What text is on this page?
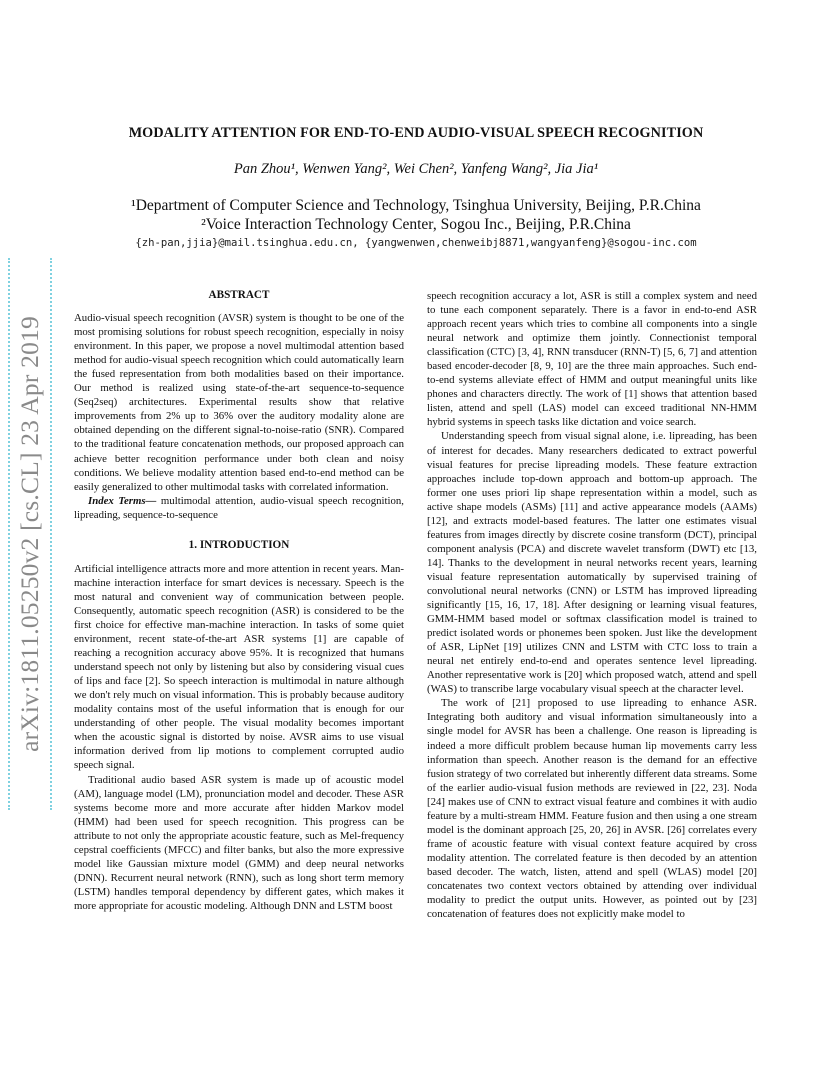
arXiv:1811.05250v2 [cs.CL] 23 Apr 2019
MODALITY ATTENTION FOR END-TO-END AUDIO-VISUAL SPEECH RECOGNITION
Pan Zhou¹, Wenwen Yang², Wei Chen², Yanfeng Wang², Jia Jia¹
¹Department of Computer Science and Technology, Tsinghua University, Beijing, P.R.China
²Voice Interaction Technology Center, Sogou Inc., Beijing, P.R.China
{zh-pan,jjia}@mail.tsinghua.edu.cn, {yangwenwen,chenweibj8871,wangyanfeng}@sogou-inc.com
ABSTRACT

Audio-visual speech recognition (AVSR) system is thought to be one of the most promising solutions for robust speech recognition, especially in noisy environment. In this paper, we propose a novel multimodal attention based method for audio-visual speech recognition which could automatically learn the fused representation from both modalities based on their importance. Our method is realized using state-of-the-art sequence-to-sequence (Seq2seq) architectures. Experimental results show that relative improvements from 2% up to 36% over the auditory modality alone are obtained depending on the different signal-to-noise-ratio (SNR). Compared to the traditional feature concatenation methods, our proposed approach can achieve better recognition performance under both clean and noisy conditions. We believe modality attention based end-to-end method can be easily generalized to other multimodal tasks with correlated information.

Index Terms— multimodal attention, audio-visual speech recognition, lipreading, sequence-to-sequence

1. INTRODUCTION

Artificial intelligence attracts more and more attention in recent years. Man-machine interaction interface for smart devices is necessary. Speech is the most natural and convenient way of communication between people. Consequently, automatic speech recognition (ASR) is considered to be the first choice for effective man-machine interaction. In tasks of some quiet environment, recent state-of-the-art ASR systems [1] are capable of reaching a recognition accuracy above 95%. It is recognized that humans understand speech not only by listening but also by considering visual cues of lips and face [2]. So speech interaction is multimodal in nature although we don't rely much on visual information. This is probably because auditory modality contains most of the useful information that is enough for our understanding of other people. The visual modality becomes important when the acoustic signal is distorted by noise. AVSR aims to use visual information derived from lip motions to complement corrupted audio speech signal.

Traditional audio based ASR system is made up of acoustic model (AM), language model (LM), pronunciation model and decoder. These ASR systems become more and more accurate after hidden Markov model (HMM) had been used for speech recognition. This progress can be attribute to not only the appropriate acoustic feature, such as Mel-frequency cepstral coefficients (MFCC) and filter banks, but also the more expressive model like Gaussian mixture model (GMM) and deep neural networks (DNN). Recurrent neural network (RNN), such as long short term memory (LSTM) handles temporal dependency by different gates, which makes it more appropriate for acoustic modeling. Although DNN and LSTM boost

speech recognition accuracy a lot, ASR is still a complex system and need to tune each component separately. There is a favor in end-to-end ASR approach recent years which tries to combine all components into a single neural network and optimize them jointly. Connectionist temporal classification (CTC) [3, 4], RNN transducer (RNN-T) [5, 6, 7] and attention based encoder-decoder [8, 9, 10] are the three main approaches. Such end-to-end systems alleviate effect of HMM and output meaningful units like phones and characters directly. The work of [1] shows that attention based listen, attend and spell (LAS) model can exceed traditional NN-HMM hybrid systems in speech tasks like dictation and voice search.

Understanding speech from visual signal alone, i.e. lipreading, has been of interest for decades. Many researchers dedicated to extract powerful visual features for precise lipreading models. These feature extraction approaches include top-down approach and bottom-up approach. The former one uses priori lip shape representation within a model, such as active shape models (ASMs) [11] and active appearance models (AAMs) [12], and extracts model-based features. The latter one estimates visual features from images directly by discrete cosine transform (DCT), principal component analysis (PCA) and discrete wavelet transform (DWT) etc [13, 14]. Thanks to the development in neural networks recent years, learning visual feature representation automatically by supervised training of convolutional neural networks (CNN) or LSTM has improved lipreading significantly [15, 16, 17, 18]. After designing or learning visual features, GMM-HMM based model or softmax classification model is trained to predict isolated words or phonemes been spoken. Just like the development of ASR, LipNet [19] utilizes CNN and LSTM with CTC loss to train a neural net entirely end-to-end and operates sentence level lipreading. Another representative work is [20] which proposed watch, attend and spell (WAS) to transcribe large vocabulary visual speech at the character level.

The work of [21] proposed to use lipreading to enhance ASR. Integrating both auditory and visual information simultaneously into a single model for AVSR has been a challenge. One reason is lipreading is indeed a more difficult problem because human lip movements carry less information than speech. Another reason is the demand for an effective fusion strategy of two correlated but inherently different data streams. Some of the earlier audio-visual fusion methods are reviewed in [22, 23]. Noda [24] makes use of CNN to extract visual feature and combines it with audio feature by a multi-stream HMM. Feature fusion and then using a one stream model is the dominant approach [25, 20, 26] in AVSR. [26] correlates every frame of acoustic feature with visual context feature acquired by cross modality attention. The correlated feature is then decoded by an attention based decoder. The watch, listen, attend and spell (WLAS) model [20] concatenates two context vectors obtained by attending over individual modality to predict the output units. However, as pointed out by [23] concatenation of features does not explicitly make model to
